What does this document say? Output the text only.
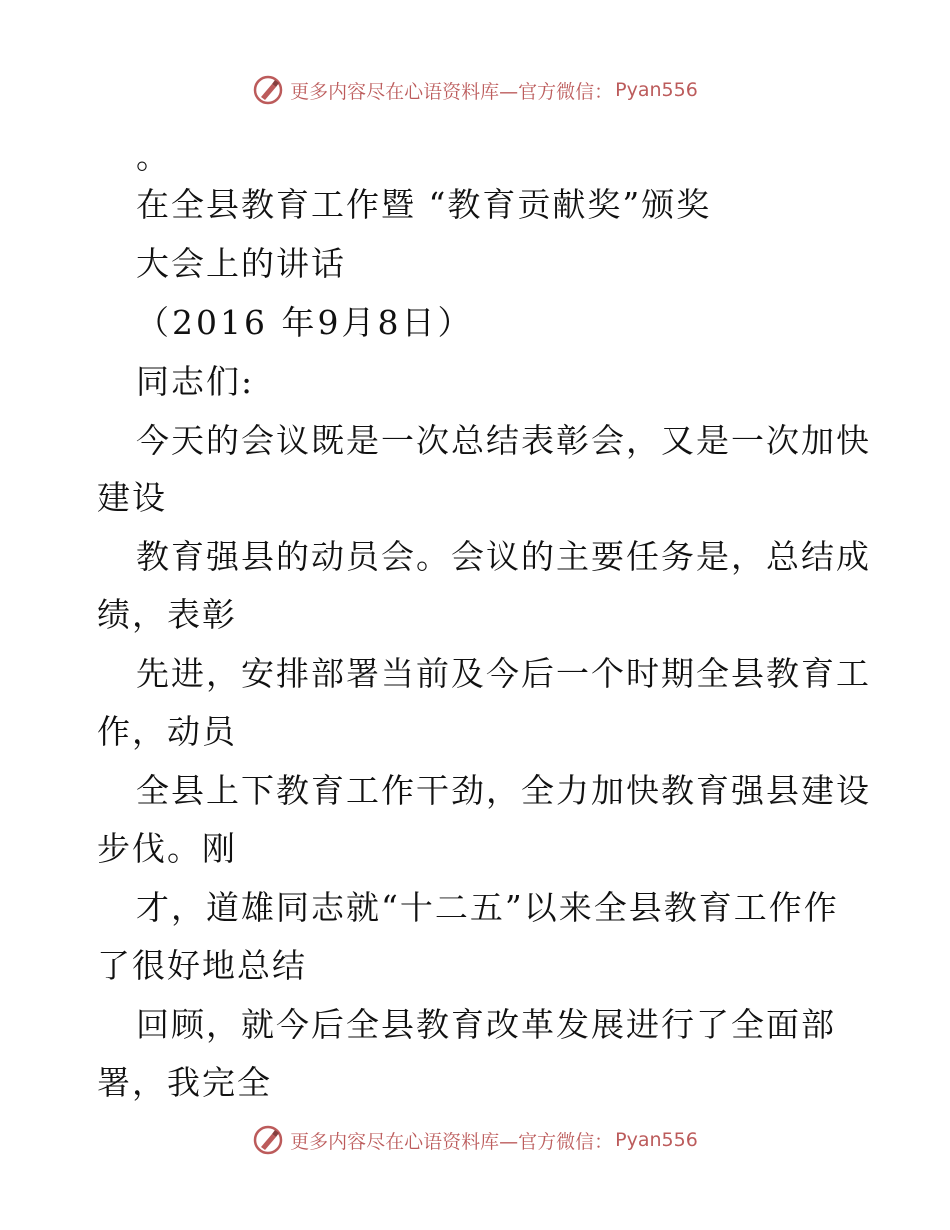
更多内容尽在心语资料库—官方微信： Pyan556
。
在全县教育工作暨 “教育贡献奖”颁奖
大会上的讲话
（2016 年9月8日）
同志们:
今天的会议既是一次总结表彰会，又是一次加快
建设
教育强县的动员会。会议的主要任务是，总结成
绩，表彰
先进，安排部署当前及今后一个时期全县教育工
作，动员
全县上下教育工作干劲，全力加快教育强县建设
步伐。刚
才，道雄同志就“十二五”以来全县教育工作作
了很好地总结
回顾，就今后全县教育改革发展进行了全面部
署，我完全
更多内容尽在心语资料库—官方微信： Pyan556
